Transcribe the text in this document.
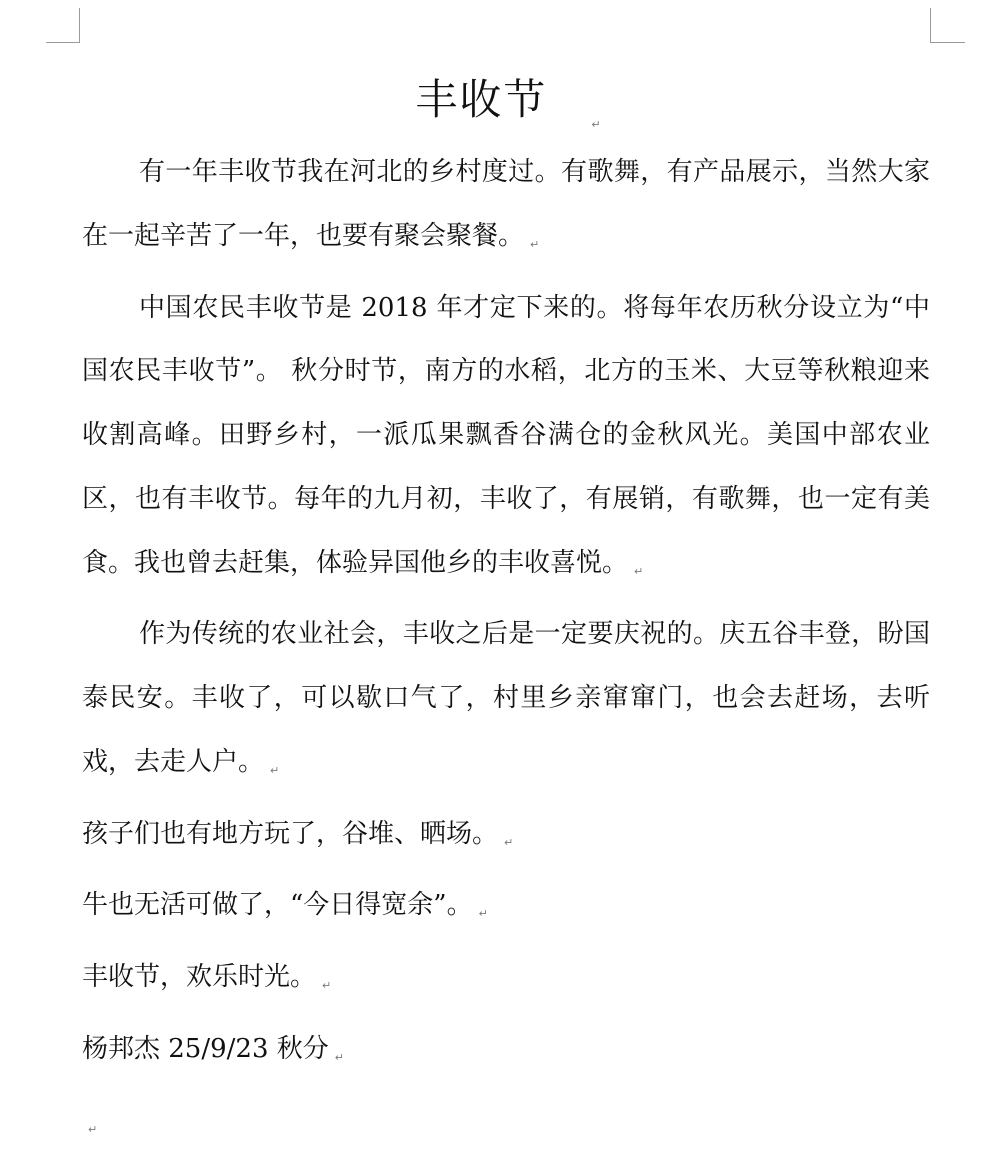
丰收节$_↵$

有一年丰收节我在河北的乡村度过。有歌舞，有产品展示，当然大家在一起辛苦了一年，也要有聚会聚餐。 ↵

中国农民丰收节是 2018 年才定下来的。将每年农历秋分设立为“中国农民丰收节”。 秋分时节，南方的水稻，北方的玉米、大豆等秋粮迎来收割高峰。田野乡村，一派瓜果飘香谷满仓的金秋风光。美国中部农业区，也有丰收节。每年的九月初，丰收了，有展销，有歌舞，也一定有美食。我也曾去赶集，体验异国他乡的丰收喜悦。 ↵

作为传统的农业社会，丰收之后是一定要庆祝的。庆五谷丰登，盼国泰民安。丰收了，可以歇口气了，村里乡亲窜窜门，也会去赶场，去听戏，去走人户。 ↵

孩子们也有地方玩了，谷堆、晒场。 ↵

牛也无活可做了，“今日得宽余”。 ↵

丰收节，欢乐时光。 ↵

杨邦杰 25/9/23 秋分 ↵

↵
